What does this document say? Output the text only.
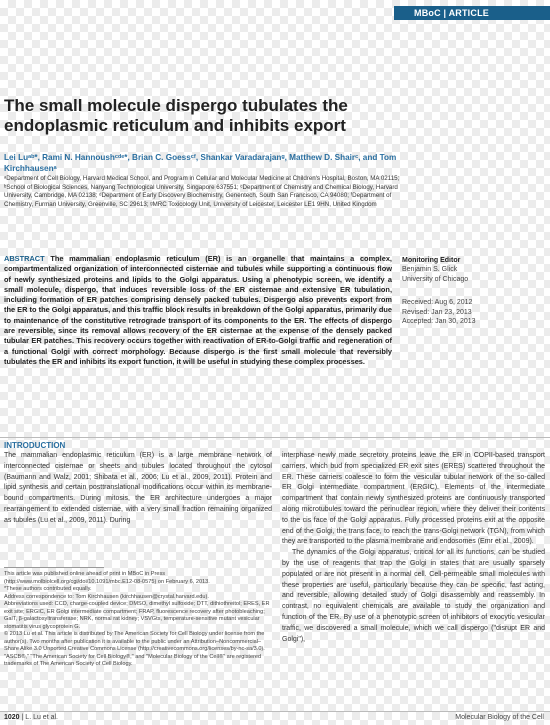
MBoC | ARTICLE
The small molecule dispergo tubulates the endoplasmic reticulum and inhibits export
Lei Luᵃᵇ*, Rami N. Hannoushᶜᵈᵉ*, Brian C. Goessᶜᶠ, Shankar Varadarajanᵍ, Matthew D. Shairᶜ, and Tom Kirchhausenᵃ
ᵃDepartment of Cell Biology, Harvard Medical School, and Program in Cellular and Molecular Medicine at Children's Hospital, Boston, MA 02115; ᵇSchool of Biological Sciences, Nanyang Technological University, Singapore 637551; ᶜDepartment of Chemistry and Chemical Biology, Harvard University, Cambridge, MA 02138; ᵈDepartment of Early Discovery Biochemistry, Genentech, South San Francisco, CA 94080; ᶠDepartment of Chemistry, Furman University, Greenville, SC 29613; ᵍMRC Toxicology Unit, University of Leicester, Leicester LE1 9HN, United Kingdom
ABSTRACT The mammalian endoplasmic reticulum (ER) is an organelle that maintains a complex, compartmentalized organization of interconnected cisternae and tubules while supporting a continuous flow of newly synthesized proteins and lipids to the Golgi apparatus. Using a phenotypic screen, we identify a small molecule, dispergo, that induces reversible loss of the ER cisternae and extensive ER tubulation, including formation of ER patches comprising densely packed tubules. Dispergo also prevents export from the ER to the Golgi apparatus, and this traffic block results in breakdown of the Golgi apparatus, primarily due to maintenance of the constitutive retrograde transport of its components to the ER. The effects of dispergo are reversible, since its removal allows recovery of the ER cisternae at the expense of the densely packed tubular ER patches. This recovery occurs together with reactivation of ER-to-Golgi traffic and regeneration of a functional Golgi with correct morphology. Because dispergo is the first small molecule that reversibly tubulates the ER and inhibits its export function, it will be useful in studying these complex processes.
Monitoring Editor
Benjamin S. Glick
University of Chicago
Received: Aug 6, 2012
Revised: Jan 23, 2013
Accepted: Jan 30, 2013
INTRODUCTION

The mammalian endoplasmic reticulum (ER) is a large membrane network of interconnected cisternae or sheets and tubules located throughout the cytosol (Baumann and Walz, 2001; Shibata et al., 2006; Lu et al., 2009, 2011). Protein and lipid synthesis and certain posttranslational modifications occur within its membrane-bound compartments. During mitosis, the ER architecture undergoes a major rearrangement to extended cisternae, with a very small fraction remaining organized as tubules (Lu et al., 2009, 2011). During

This article was published online ahead of print in MBoC in Press (http://www.molbiolcell.org/cgi/doi/10.1091/mbc.E12-08-0575) on February 6, 2013.

*These authors contributed equally.

Address correspondence to: Tom Kirchhausen (kirchhausen@crystal.harvard.edu).

Abbreviations used: CCD, charge-coupled device; DMSO, dimethyl sulfoxide; DTT, dithiothreitol; ERES, ER exit site; ERGIC, ER Golgi intermediate compartment; FRAP, fluorescence recovery after photobleaching; GalT, β-galactosyltransferase; NRK, normal rat kidney; VSVGts, temperature-sensitive mutant vesicular stomatitis virus glycoprotein G.

© 2013 Lu et al. This article is distributed by The American Society for Cell Biology under license from the author(s). Two months after publication it is available to the public under an Attribution–Noncommercial–Share Alike 3.0 Unported Creative Commons License (http://creativecommons.org/licenses/by-nc-sa/3.0).

"ASCB®," "The American Society for Cell Biology®," and "Molecular Biology of the Cell®" are registered trademarks of The American Society of Cell Biology.

interphase newly made secretory proteins leave the ER in COPII-based transport carriers, which bud from specialized ER exit sites (ERES) scattered throughout the ER. These carriers coalesce to form the vesicular tubular network of the so-called ER Golgi intermediate compartment (ERGIC). Elements of the intermediate compartment that contain newly synthesized proteins are continuously transported along microtubules toward the perinuclear region, where they deliver their contents to the cis face of the Golgi apparatus. Fully processed proteins exit at the opposite end of the Golgi, the trans face, to reach the trans-Golgi network (TGN), from which they are transported to the plasma membrane and endosomes (Emr et al., 2009).

The dynamics of the Golgi apparatus, critical for all its functions, can be studied by the use of reagents that trap the Golgi in states that are usually sparsely populated or are not present in a normal cell. Cell-permeable small molecules with these properties are useful, particularly because they can be specific, fast acting, and reversible, allowing detailed study of Golgi disassembly and reassembly. In contrast, no equivalent chemicals are available to study the organization and function of the ER. By use of a phenotypic screen of inhibitors of exocytic vesicular traffic, we discovered a small molecule, which we call dispergo ("disrupt ER and Golgi"),

1020 | L. Lu et al.	Molecular Biology of the Cell
